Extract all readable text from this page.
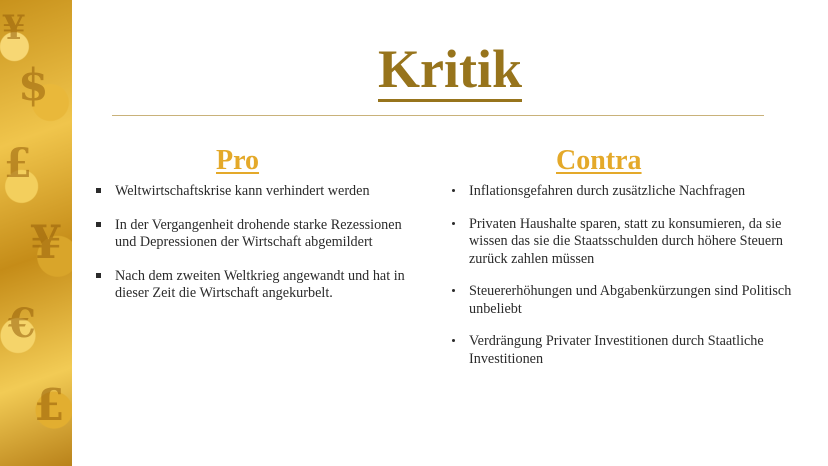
$
£
¥
€
£
¥
Kritik
Pro	Contra
Weltwirtschaftskrise kann verhindert werden
In der Vergangenheit drohende starke Rezessionen und Depressionen der Wirtschaft abgemildert
Nach dem zweiten Weltkrieg angewandt und hat in dieser Zeit die Wirtschaft angekurbelt.
Inflationsgefahren durch zusätzliche Nachfragen
Privaten Haushalte sparen, statt zu konsumieren, da sie wissen das sie die Staatsschulden durch höhere Steuern zurück zahlen müssen
Steuererhöhungen und Abgabenkürzungen sind Politisch unbeliebt
Verdrängung Privater Investitionen durch Staatliche Investitionen
